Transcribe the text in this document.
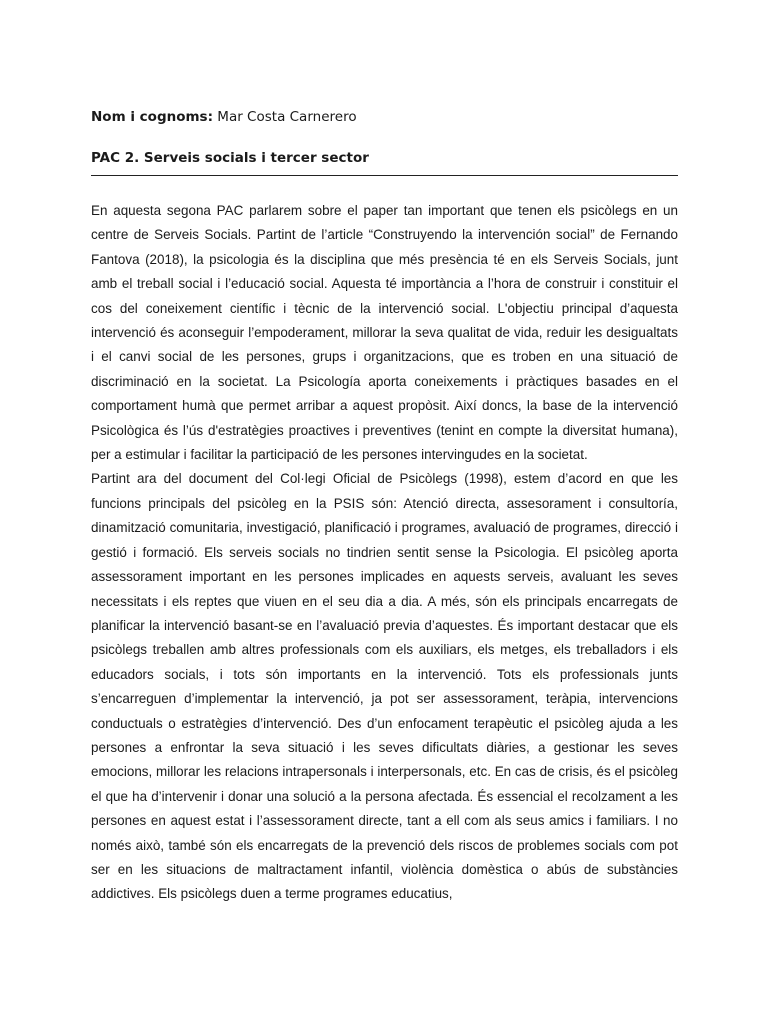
Nom i cognoms: Mar Costa Carnerero
PAC 2. Serveis socials i tercer sector

En aquesta segona PAC parlarem sobre el paper tan important que tenen els psicòlegs en un centre de Serveis Socials. Partint de l’article “Construyendo la intervención social” de Fernando Fantova (2018), la psicologia és la disciplina que més presència té en els Serveis Socials, junt amb el treball social i l’educació social. Aquesta té importància a l’hora de construir i constituir el cos del coneixement científic i tècnic de la intervenció social. L'objectiu principal d’aquesta intervenció és aconseguir l’empoderament, millorar la seva qualitat de vida, reduir les desigualtats i el canvi social de les persones, grups i organitzacions, que es troben en una situació de discriminació en la societat. La Psicología aporta coneixements i pràctiques basades en el comportament humà que permet arribar a aquest propòsit. Així doncs, la base de la intervenció Psicològica és l’ús d'estratègies proactives i preventives (tenint en compte la diversitat humana), per a estimular i facilitar la participació de les persones intervingudes en la societat.

Partint ara del document del Col·legi Oficial de Psicòlegs (1998), estem d’acord en que les funcions principals del psicòleg en la PSIS són: Atenció directa, assesorament i consultoría, dinamització comunitaria, investigació, planificació i programes, avaluació de programes, direcció i gestió i formació. Els serveis socials no tindrien sentit sense la Psicologia. El psicòleg aporta assessorament important en les persones implicades en aquests serveis, avaluant les seves necessitats i els reptes que viuen en el seu dia a dia. A més, són els principals encarregats de planificar la intervenció basant-se en l’avaluació previa d’aquestes. És important destacar que els psicòlegs treballen amb altres professionals com els auxiliars, els metges, els treballadors i els educadors socials, i tots són importants en la intervenció. Tots els professionals junts s’encarreguen d’implementar la intervenció, ja pot ser assessorament, teràpia, intervencions conductuals o estratègies d’intervenció. Des d’un enfocament terapèutic el psicòleg ajuda a les persones a enfrontar la seva situació i les seves dificultats diàries, a gestionar les seves emocions, millorar les relacions intrapersonals i interpersonals, etc. En cas de crisis, és el psicòleg el que ha d’intervenir i donar una solució a la persona afectada. És essencial el recolzament a les persones en aquest estat i l’assessorament directe, tant a ell com als seus amics i familiars. I no només això, també són els encarregats de la prevenció dels riscos de problemes socials com pot ser en les situacions de maltractament infantil, violència domèstica o abús de substàncies addictives. Els psicòlegs duen a terme programes educatius,
